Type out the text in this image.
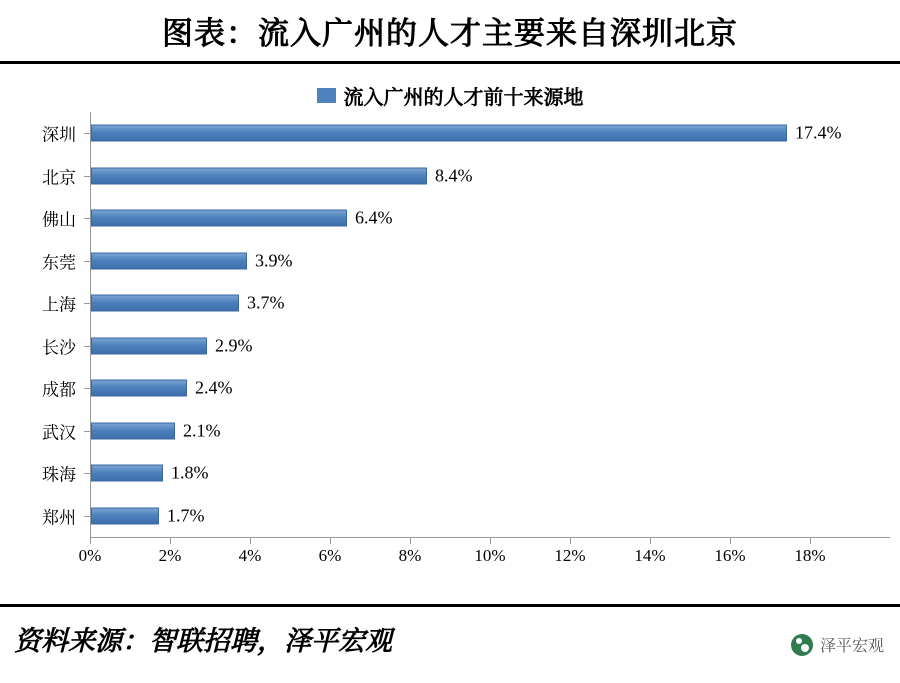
图表：流入广州的人才主要来自深圳北京
流入广州的人才前十来源地
深圳	17.4%
北京	8.4%
佛山	6.4%
东莞	3.9%
上海	3.7%
长沙	2.9%
成都	2.4%
武汉	2.1%
珠海	1.8%
郑州	1.7%
0%	2%	4%	6%	8%	10%	12%	14%	16%	18%
资料来源：智联招聘，泽平宏观	泽平宏观
